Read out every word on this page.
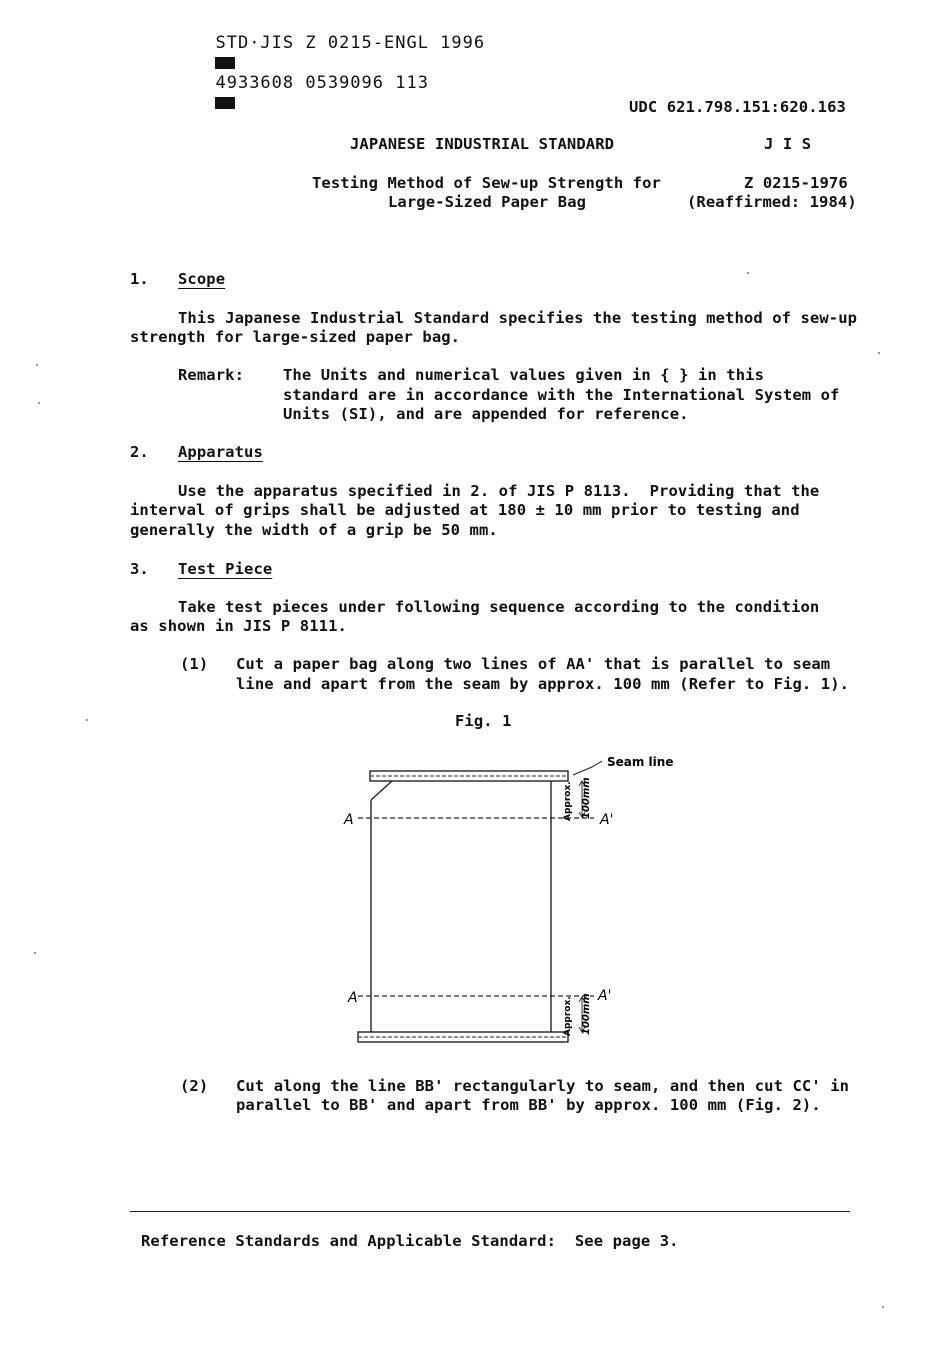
STD·JIS Z 0215-ENGL 1996

4933608 0539096 113

UDC 621.798.151:620.163
JAPANESE INDUSTRIAL STANDARD	J I S
Testing Method of Sew-up Strength for
Large-Sized Paper Bag
Z 0215-1976
(Reaffirmed: 1984)
1. Scope
This Japanese Industrial Standard specifies the testing method of sew-up
strength for large-sized paper bag.
Remark:	The Units and numerical values given in { } in this
standard are in accordance with the International System of
Units (SI), and are appended for reference.
2. Apparatus
Use the apparatus specified in 2. of JIS P 8113.  Providing that the
interval of grips shall be adjusted at 180 ± 10 mm prior to testing and
generally the width of a grip be 50 mm.
3. Test Piece
Take test pieces under following sequence according to the condition
as shown in JIS P 8111.
(1) Cut a paper bag along two lines of AA' that is parallel to seam
line and apart from the seam by approx. 100 mm (Refer to Fig. 1).
Fig. 1
A	A'
A	A'
Seam line
Approx. 100mm
Approx. 100mm
(2) Cut along the line BB' rectangularly to seam, and then cut CC' in
parallel to BB' and apart from BB' by approx. 100 mm (Fig. 2).
Reference Standards and Applicable Standard:  See page 3.
